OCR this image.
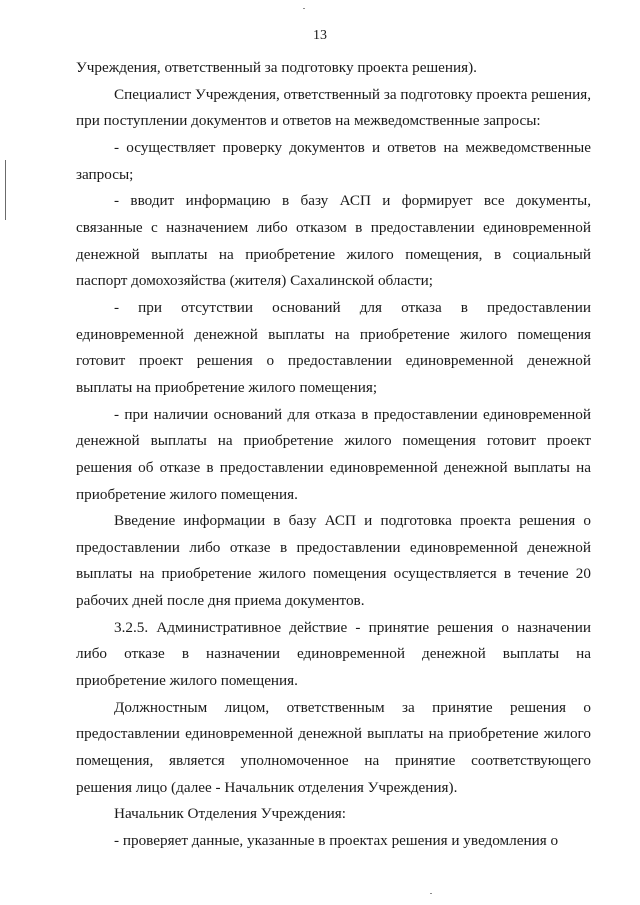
13

Учреждения, ответственный за подготовку проекта решения).

Специалист Учреждения, ответственный за подготовку проекта решения, при поступлении документов и ответов на межведомственные запросы:

- осуществляет проверку документов и ответов на межведомственные запросы;

- вводит информацию в базу АСП и формирует все документы, связанные с назначением либо отказом в предоставлении единовременной денежной выплаты на приобретение жилого помещения, в социальный паспорт домохозяйства (жителя) Сахалинской области;

- при отсутствии оснований для отказа в предоставлении единовременной денежной выплаты на приобретение жилого помещения готовит проект решения о предоставлении единовременной денежной выплаты на приобретение жилого помещения;

- при наличии оснований для отказа в предоставлении единовременной денежной выплаты на приобретение жилого помещения готовит проект решения об отказе в предоставлении единовременной денежной выплаты на приобретение жилого помещения.

Введение информации в базу АСП и подготовка проекта решения о предоставлении либо отказе в предоставлении единовременной денежной выплаты на приобретение жилого помещения осуществляется в течение 20 рабочих дней после дня приема документов.

3.2.5. Административное действие - принятие решения о назначении либо отказе в назначении единовременной денежной выплаты на приобретение жилого помещения.

Должностным лицом, ответственным за принятие решения о предоставлении единовременной денежной выплаты на приобретение жилого помещения, является уполномоченное на принятие соответствующего решения лицо (далее - Начальник отделения Учреждения).

Начальник Отделения Учреждения:

- проверяет данные, указанные в проектах решения и уведомления о
